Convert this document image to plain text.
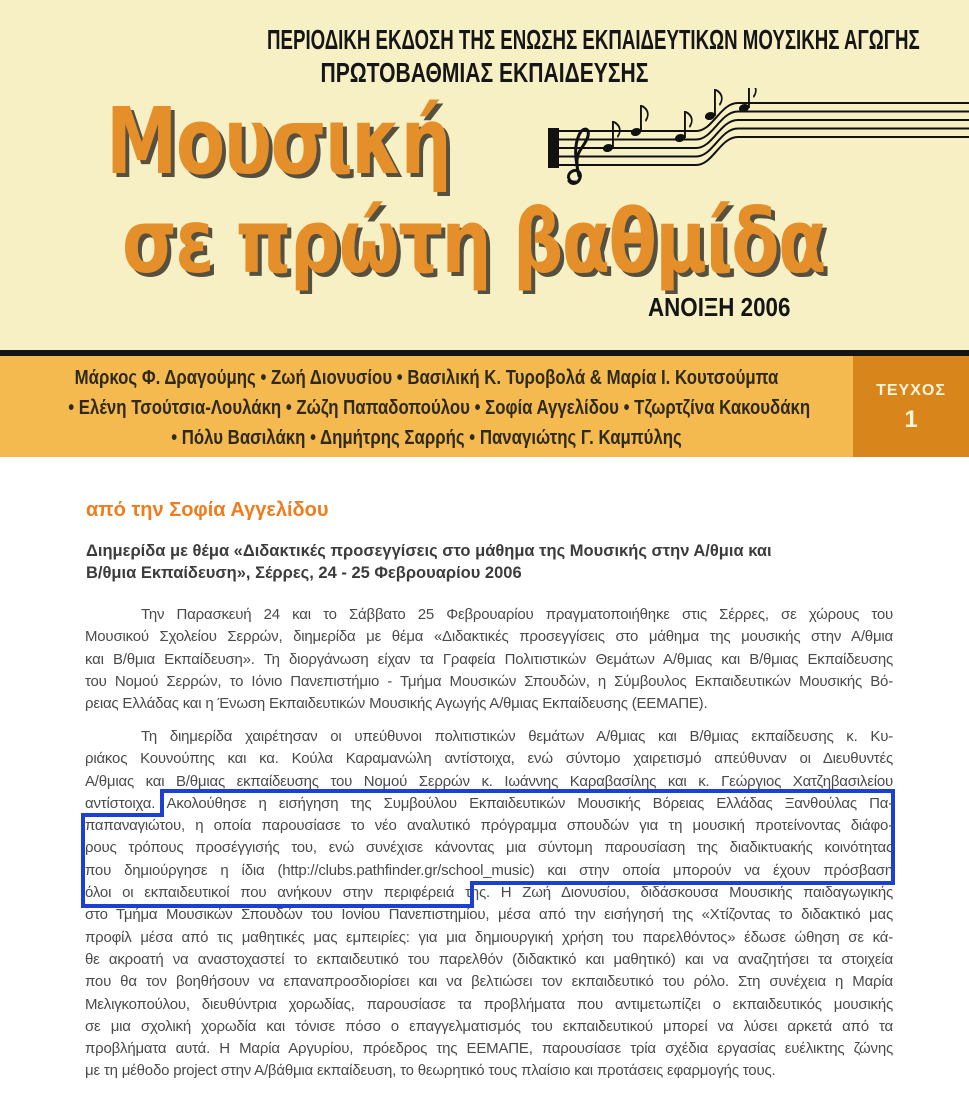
ΠΕΡΙΟΔΙΚΗ ΕΚΔΟΣΗ ΤΗΣ ΕΝΩΣΗΣ ΕΚΠΑΙΔΕΥΤΙΚΩΝ ΜΟΥΣΙΚΗΣ ΑΓΩΓΗΣ
ΠΡΩΤΟΒΑΘΜΙΑΣ ΕΚΠΑΙΔΕΥΣΗΣ
Μουσική
σε πρώτη βαθμίδα
ΑΝΟΙΞΗ 2006
Μάρκος Φ. Δραγούμης • Ζωή Διονυσίου • Βασιλική Κ. Τυροβολά & Μαρία Ι. Κουτσούμπα
• Ελένη Τσούτσια-Λουλάκη • Ζώζη Παπαδοπούλου • Σοφία Αγγελίδου • Τζωρτζίνα Κακουδάκη
• Πόλυ Βασιλάκη • Δημήτρης Σαρρής • Παναγιώτης Γ. Καμπύλης
ΤΕΥΧΟΣ
1
από την Σοφία Αγγελίδου
Διημερίδα με θέμα «Διδακτικές προσεγγίσεις στο μάθημα της Μουσικής στην Α/θμια και
Β/θμια Εκπαίδευση», Σέρρες, 24 - 25 Φεβρουαρίου 2006
Την Παρασκευή 24 και το Σάββατο 25 Φεβρουαρίου πραγματοποιήθηκε στις Σέρρες, σε χώρους του
Μουσικού Σχολείου Σερρών, διημερίδα με θέμα «Διδακτικές προσεγγίσεις στο μάθημα της μουσικής στην Α/θμια
και Β/θμια Εκπαίδευση». Τη διοργάνωση είχαν τα Γραφεία Πολιτιστικών Θεμάτων Α/θμιας και Β/θμιας Εκπαίδευσης
του Νομού Σερρών, το Ιόνιο Πανεπιστήμιο - Τμήμα Μουσικών Σπουδών, η Σύμβουλος Εκπαιδευτικών Μουσικής Βό-
ρειας Ελλάδας και η Ένωση Εκπαιδευτικών Μουσικής Αγωγής Α/θμιας Εκπαίδευσης (ΕΕΜΑΠΕ).
Τη διημερίδα χαιρέτησαν οι υπεύθυνοι πολιτιστικών θεμάτων Α/θμιας και Β/θμιας εκπαίδευσης κ. Κυ-
ριάκος Κουνούπης και κα. Κούλα Καραμανώλη αντίστοιχα, ενώ σύντομο χαιρετισμό απεύθυναν οι Διευθυντές
Α/θμιας και Β/θμιας εκπαίδευσης του Νομού Σερρών κ. Ιωάννης Καραβασίλης και κ. Γεώργιος Χατζηβασιλείου
αντίστοιχα. Ακολούθησε η εισήγηση της Συμβούλου Εκπαιδευτικών Μουσικής Βόρειας Ελλάδας Ξανθούλας Πα-
παπαναγιώτου, η οποία παρουσίασε το νέο αναλυτικό πρόγραμμα σπουδών για τη μουσική προτείνοντας διάφο-
ρους τρόπους προσέγγισής του, ενώ συνέχισε κάνοντας μια σύντομη παρουσίαση της διαδικτυακής κοινότητας
που δημιούργησε η ίδια (http://clubs.pathfinder.gr/school_music) και στην οποία μπορούν να έχουν πρόσβαση
όλοι οι εκπαιδευτικοί που ανήκουν στην περιφέρειά της. Η Ζωή Διονυσίου, διδάσκουσα Μουσικής παιδαγωγικής
στο Τμήμα Μουσικών Σπουδών του Ιονίου Πανεπιστημίου, μέσα από την εισήγησή της «Χτίζοντας το διδακτικό μας
προφίλ μέσα από τις μαθητικές μας εμπειρίες: για μια δημιουργική χρήση του παρελθόντος» έδωσε ώθηση σε κά-
θε ακροατή να αναστοχαστεί το εκπαιδευτικό του παρελθόν (διδακτικό και μαθητικό) και να αναζητήσει τα στοιχεία
που θα τον βοηθήσουν να επαναπροσδιορίσει και να βελτιώσει τον εκπαιδευτικό του ρόλο. Στη συνέχεια η Μαρία
Μελιγκοπούλου, διευθύντρια χορωδίας, παρουσίασε τα προβλήματα που αντιμετωπίζει ο εκπαιδευτικός μουσικής
σε μια σχολική χορωδία και τόνισε πόσο ο επαγγελματισμός του εκπαιδευτικού μπορεί να λύσει αρκετά από τα
προβλήματα αυτά. Η Μαρία Αργυρίου, πρόεδρος της ΕΕΜΑΠΕ, παρουσίασε τρία σχέδια εργασίας ευέλικτης ζώνης
με τη μέθοδο project στην Α/βάθμια εκπαίδευση, το θεωρητικό τους πλαίσιο και προτάσεις εφαρμογής τους.
